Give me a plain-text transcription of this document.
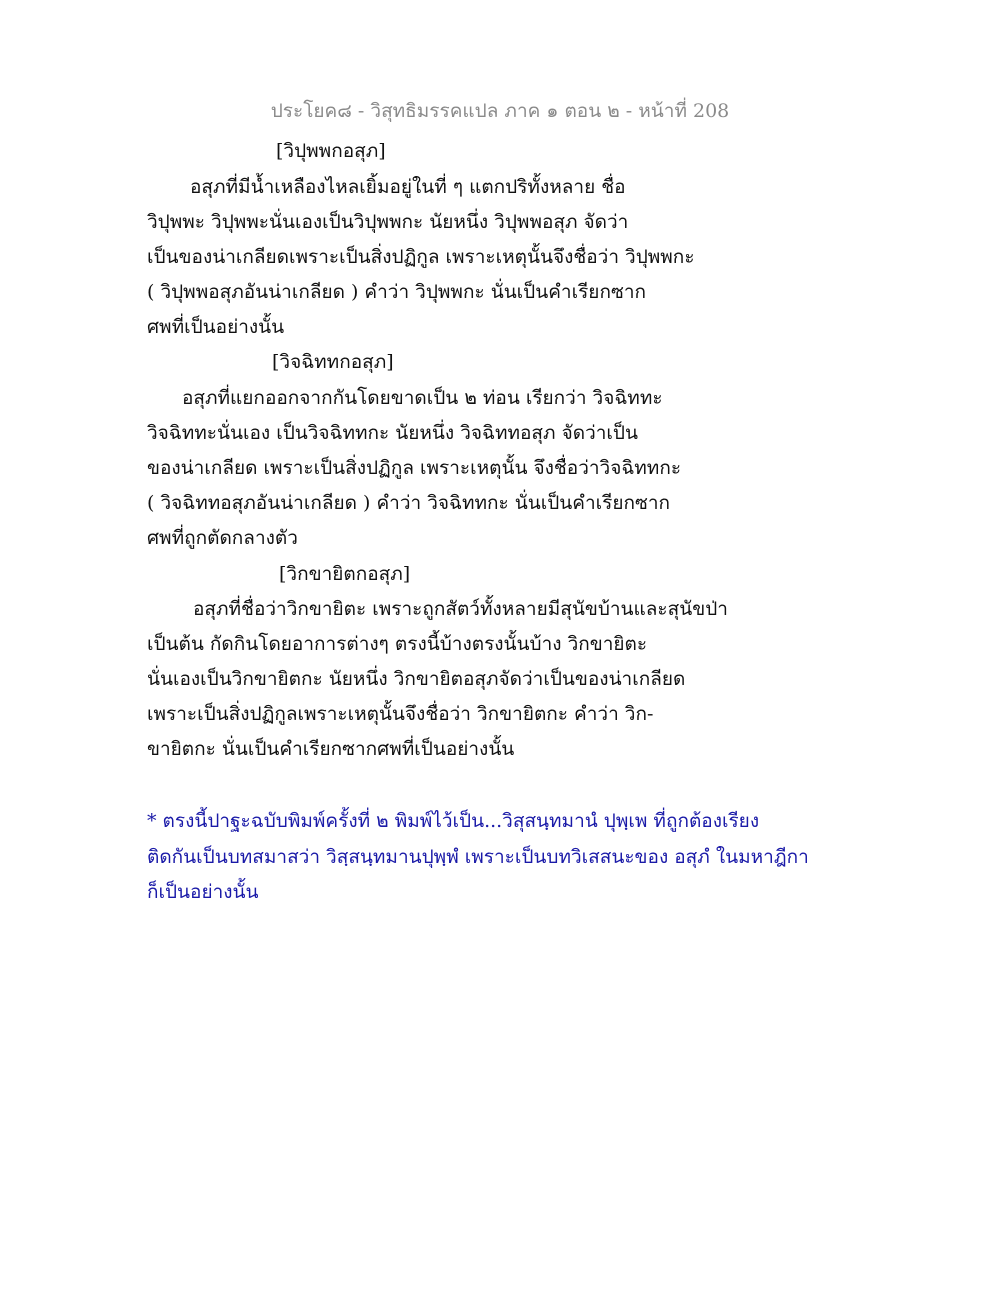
ประโยค๘ - วิสุทธิมรรคแปล ภาค ๑ ตอน ๒ - หน้าที่ 208
[วิปุพพกอสุภ]
อสุภที่มีน้ำเหลืองไหลเยิ้มอยู่ในที่ ๆ แตกปริทั้งหลาย ชื่อ
วิปุพพะ วิปุพพะนั่นเองเป็นวิปุพพกะ นัยหนึ่ง วิปุพพอสุภ จัดว่า
เป็นของน่าเกลียดเพราะเป็นสิ่งปฏิกูล เพราะเหตุนั้นจึงชื่อว่า วิปุพพกะ
( วิปุพพอสุภอันน่าเกลียด ) คำว่า วิปุพพกะ นั่นเป็นคำเรียกซาก
ศพที่เป็นอย่างนั้น
[วิจฉิททกอสุภ]
อสุภที่แยกออกจากกันโดยขาดเป็น ๒ ท่อน เรียกว่า วิจฉิททะ
วิจฉิททะนั่นเอง เป็นวิจฉิททกะ นัยหนึ่ง วิจฉิททอสุภ จัดว่าเป็น
ของน่าเกลียด เพราะเป็นสิ่งปฏิกูล เพราะเหตุนั้น จึงชื่อว่าวิจฉิททกะ
( วิจฉิททอสุภอันน่าเกลียด ) คำว่า วิจฉิททกะ นั่นเป็นคำเรียกซาก
ศพที่ถูกตัดกลางตัว
[วิกขายิตกอสุภ]
อสุภที่ชื่อว่าวิกขายิตะ เพราะถูกสัตว์ทั้งหลายมีสุนัขบ้านและสุนัขป่า
เป็นต้น กัดกินโดยอาการต่างๆ ตรงนี้บ้างตรงนั้นบ้าง วิกขายิตะ
นั่นเองเป็นวิกขายิตกะ นัยหนึ่ง วิกขายิตอสุภจัดว่าเป็นของน่าเกลียด
เพราะเป็นสิ่งปฏิกูลเพราะเหตุนั้นจึงชื่อว่า วิกขายิตกะ คำว่า วิก-
ขายิตกะ นั่นเป็นคำเรียกซากศพที่เป็นอย่างนั้น
* ตรงนี้ปาฐะฉบับพิมพ์ครั้งที่ ๒ พิมพ์ไว้เป็น...วิสุสนฺทมานํ ปุพฺเพ ที่ถูกต้องเรียง
ติดกันเป็นบทสมาสว่า วิสฺสนฺทมานปุพฺพํ เพราะเป็นบทวิเสสนะของ อสุภํ ในมหาฎีกา
ก็เป็นอย่างนั้น
